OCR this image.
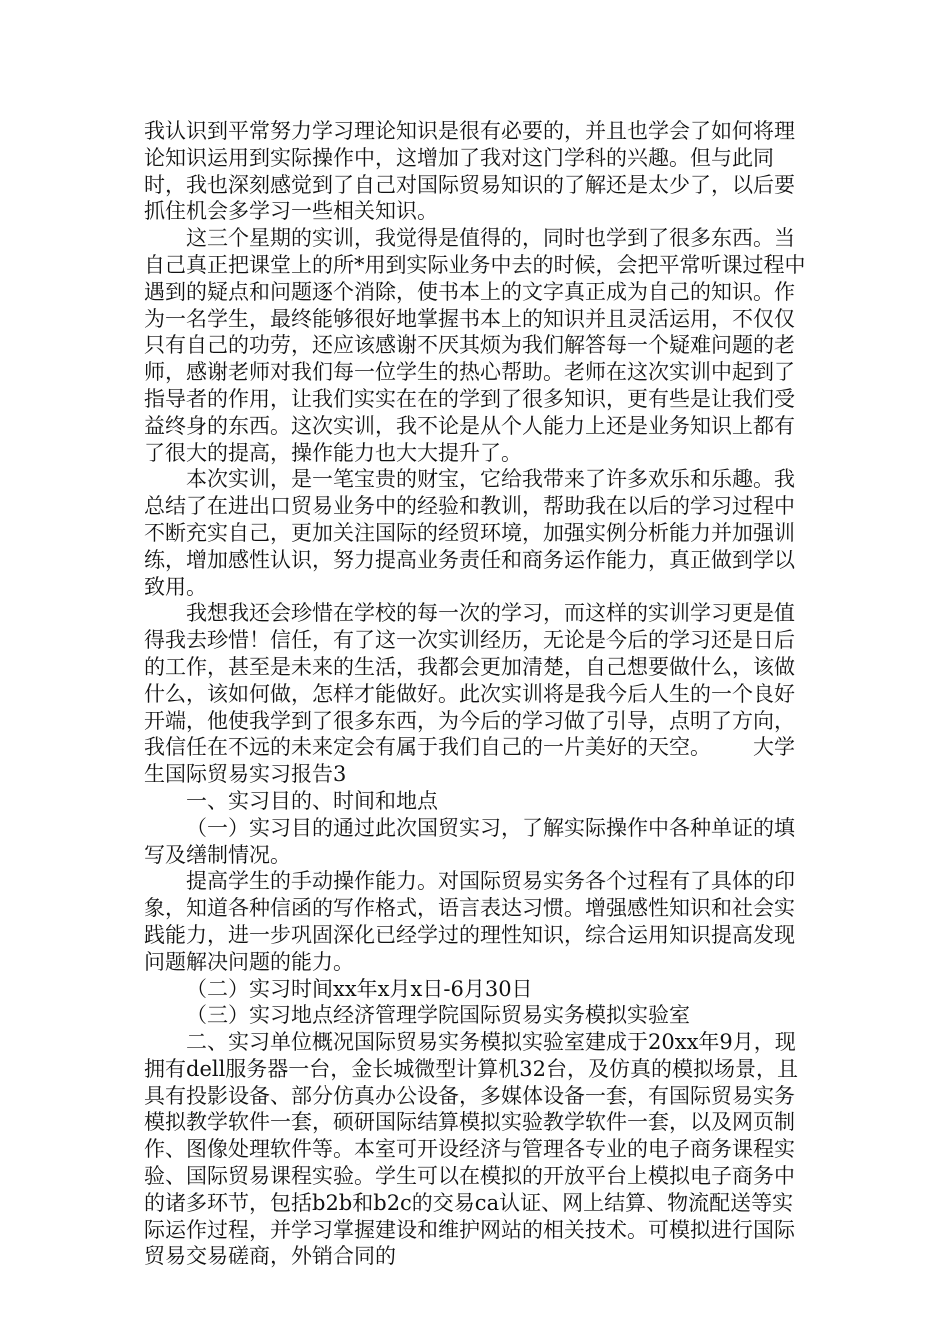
我认识到平常努力学习理论知识是很有必要的，并且也学会了如何将理论知识运用到实际操作中，这增加了我对这门学科的兴趣。但与此同时，我也深刻感觉到了自己对国际贸易知识的了解还是太少了，以后要抓住机会多学习一些相关知识。

这三个星期的实训，我觉得是值得的，同时也学到了很多东西。当自己真正把课堂上的所*用到实际业务中去的时候，会把平常听课过程中遇到的疑点和问题逐个消除，使书本上的文字真正成为自己的知识。作为一名学生，最终能够很好地掌握书本上的知识并且灵活运用，不仅仅只有自己的功劳，还应该感谢不厌其烦为我们解答每一个疑难问题的老师，感谢老师对我们每一位学生的热心帮助。老师在这次实训中起到了指导者的作用，让我们实实在在的学到了很多知识，更有些是让我们受益终身的东西。这次实训，我不论是从个人能力上还是业务知识上都有了很大的提高，操作能力也大大提升了。

本次实训，是一笔宝贵的财宝，它给我带来了许多欢乐和乐趣。我总结了在进出口贸易业务中的经验和教训，帮助我在以后的学习过程中不断充实自己，更加关注国际的经贸环境，加强实例分析能力并加强训练，增加感性认识，努力提高业务责任和商务运作能力，真正做到学以致用。

我想我还会珍惜在学校的每一次的学习，而这样的实训学习更是值得我去珍惜！信任，有了这一次实训经历，无论是今后的学习还是日后的工作，甚至是未来的生活，我都会更加清楚，自己想要做什么，该做什么，该如何做，怎样才能做好。此次实训将是我今后人生的一个良好开端，他使我学到了很多东西，为今后的学习做了引导，点明了方向，我信任在不远的未来定会有属于我们自己的一片美好的天空。 大学生国际贸易实习报告3

一、实习目的、时间和地点

（一）实习目的通过此次国贸实习，了解实际操作中各种单证的填写及缮制情况。

提高学生的手动操作能力。对国际贸易实务各个过程有了具体的印象，知道各种信函的写作格式，语言表达习惯。增强感性知识和社会实践能力，进一步巩固深化已经学过的理性知识，综合运用知识提高发现问题解决问题的能力。

（二）实习时间xx年x月x日-6月30日

（三）实习地点经济管理学院国际贸易实务模拟实验室

二、实习单位概况国际贸易实务模拟实验室建成于20xx年9月，现拥有dell服务器一台，金长城微型计算机32台，及仿真的模拟场景，且具有投影设备、部分仿真办公设备，多媒体设备一套，有国际贸易实务模拟教学软件一套，硕研国际结算模拟实验教学软件一套，以及网页制作、图像处理软件等。本室可开设经济与管理各专业的电子商务课程实验、国际贸易课程实验。学生可以在模拟的开放平台上模拟电子商务中的诸多环节，包括b2b和b2c的交易ca认证、网上结算、物流配送等实际运作过程，并学习掌握建设和维护网站的相关技术。可模拟进行国际贸易交易磋商，外销合同的
